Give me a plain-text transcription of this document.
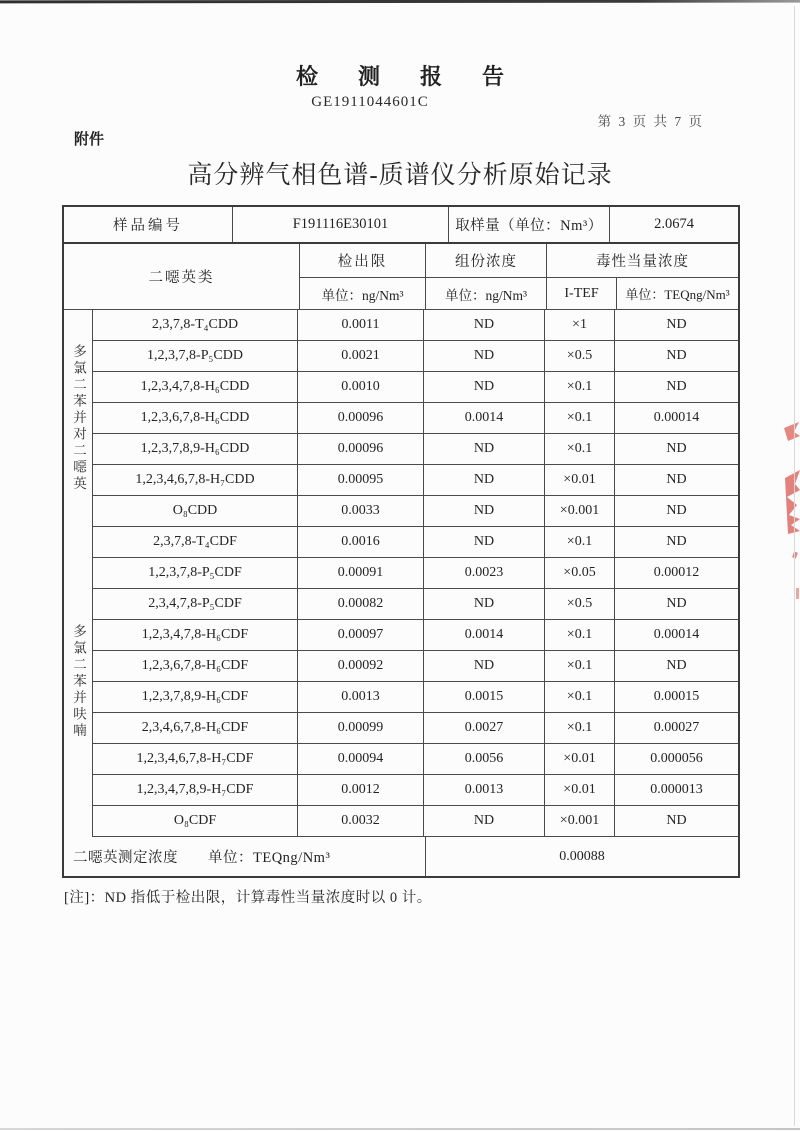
检测报告
GE1911044601C
第 3 页 共 7 页
附件
高分辨气相色谱-质谱仪分析原始记录
样品编号	F191116E30101	取样量（单位：Nm³）	2.0674
二噁英类
检出限	组份浓度	毒性当量浓度
单位：ng/Nm³	单位：ng/Nm³	I-TEF	单位：TEQng/Nm³
多氯二苯并对二噁英
多氯二苯并呋喃
2,3,7,8-T₄CDD	0.0011	ND	×1	ND
1,2,3,7,8-P₅CDD	0.0021	ND	×0.5	ND
1,2,3,4,7,8-H₆CDD	0.0010	ND	×0.1	ND
1,2,3,6,7,8-H₆CDD	0.00096	0.0014	×0.1	0.00014
1,2,3,7,8,9-H₆CDD	0.00096	ND	×0.1	ND
1,2,3,4,6,7,8-H₇CDD	0.00095	ND	×0.01	ND
O₈CDD	0.0033	ND	×0.001	ND
2,3,7,8-T₄CDF	0.0016	ND	×0.1	ND
1,2,3,7,8-P₅CDF	0.00091	0.0023	×0.05	0.00012
2,3,4,7,8-P₅CDF	0.00082	ND	×0.5	ND
1,2,3,4,7,8-H₆CDF	0.00097	0.0014	×0.1	0.00014
1,2,3,6,7,8-H₆CDF	0.00092	ND	×0.1	ND
1,2,3,7,8,9-H₆CDF	0.0013	0.0015	×0.1	0.00015
2,3,4,6,7,8-H₆CDF	0.00099	0.0027	×0.1	0.00027
1,2,3,4,6,7,8-H₇CDF	0.00094	0.0056	×0.01	0.000056
1,2,3,4,7,8,9-H₇CDF	0.0012	0.0013	×0.01	0.000013
O₈CDF	0.0032	ND	×0.001	ND
二噁英测定浓度　　单位：TEQng/Nm³	0.00088
[注]：ND 指低于检出限，计算毒性当量浓度时以 0 计。
